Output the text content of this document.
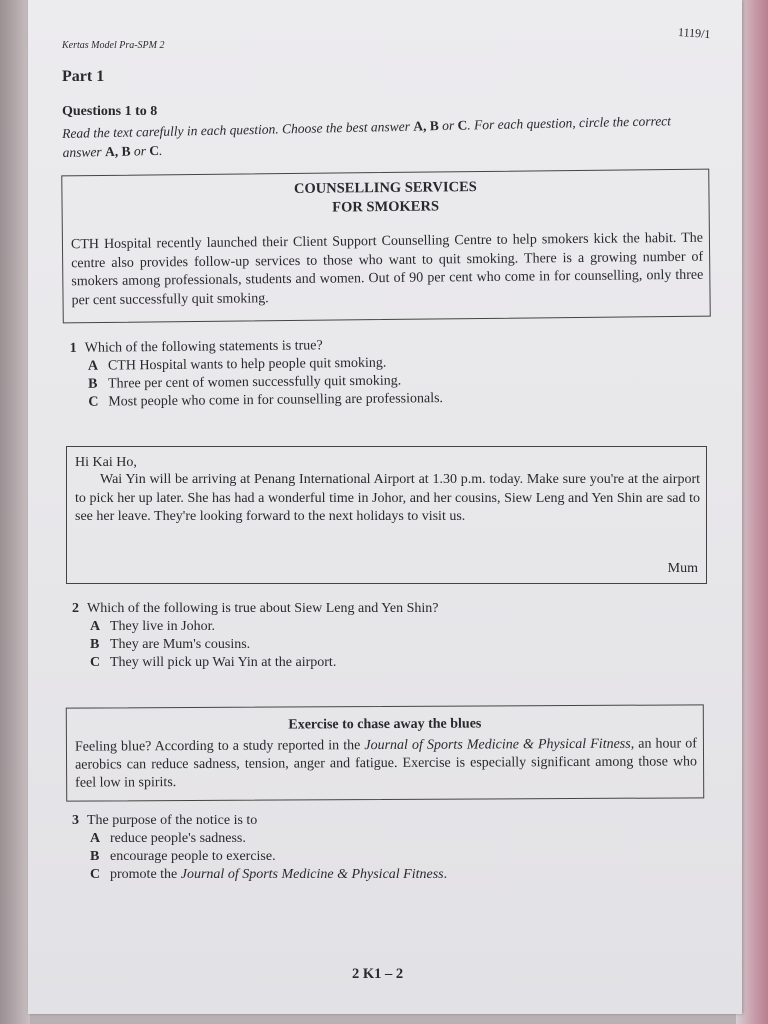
Kertas Model Pra-SPM 2
1119/1
Part 1
Questions 1 to 8
Read the text carefully in each question. Choose the best answer A, B or C. For each question, circle the correct answer A, B or C.
COUNSELLING SERVICES
FOR SMOKERS
CTH Hospital recently launched their Client Support Counselling Centre to help smokers kick the habit. The centre also provides follow-up services to those who want to quit smoking. There is a growing number of smokers among professionals, students and women. Out of 90 per cent who come in for counselling, only three per cent successfully quit smoking.
1 Which of the following statements is true?
A CTH Hospital wants to help people quit smoking.
B Three per cent of women successfully quit smoking.
C Most people who come in for counselling are professionals.
Hi Kai Ho,
Wai Yin will be arriving at Penang International Airport at 1.30 p.m. today. Make sure you're at the airport to pick her up later. She has had a wonderful time in Johor, and her cousins, Siew Leng and Yen Shin are sad to see her leave. They're looking forward to the next holidays to visit us.
Mum
2 Which of the following is true about Siew Leng and Yen Shin?
A They live in Johor.
B They are Mum's cousins.
C They will pick up Wai Yin at the airport.
Exercise to chase away the blues
Feeling blue? According to a study reported in the Journal of Sports Medicine & Physical Fitness, an hour of aerobics can reduce sadness, tension, anger and fatigue. Exercise is especially significant among those who feel low in spirits.
3 The purpose of the notice is to
A reduce people's sadness.
B encourage people to exercise.
C promote the Journal of Sports Medicine & Physical Fitness.
2 K1 – 2
